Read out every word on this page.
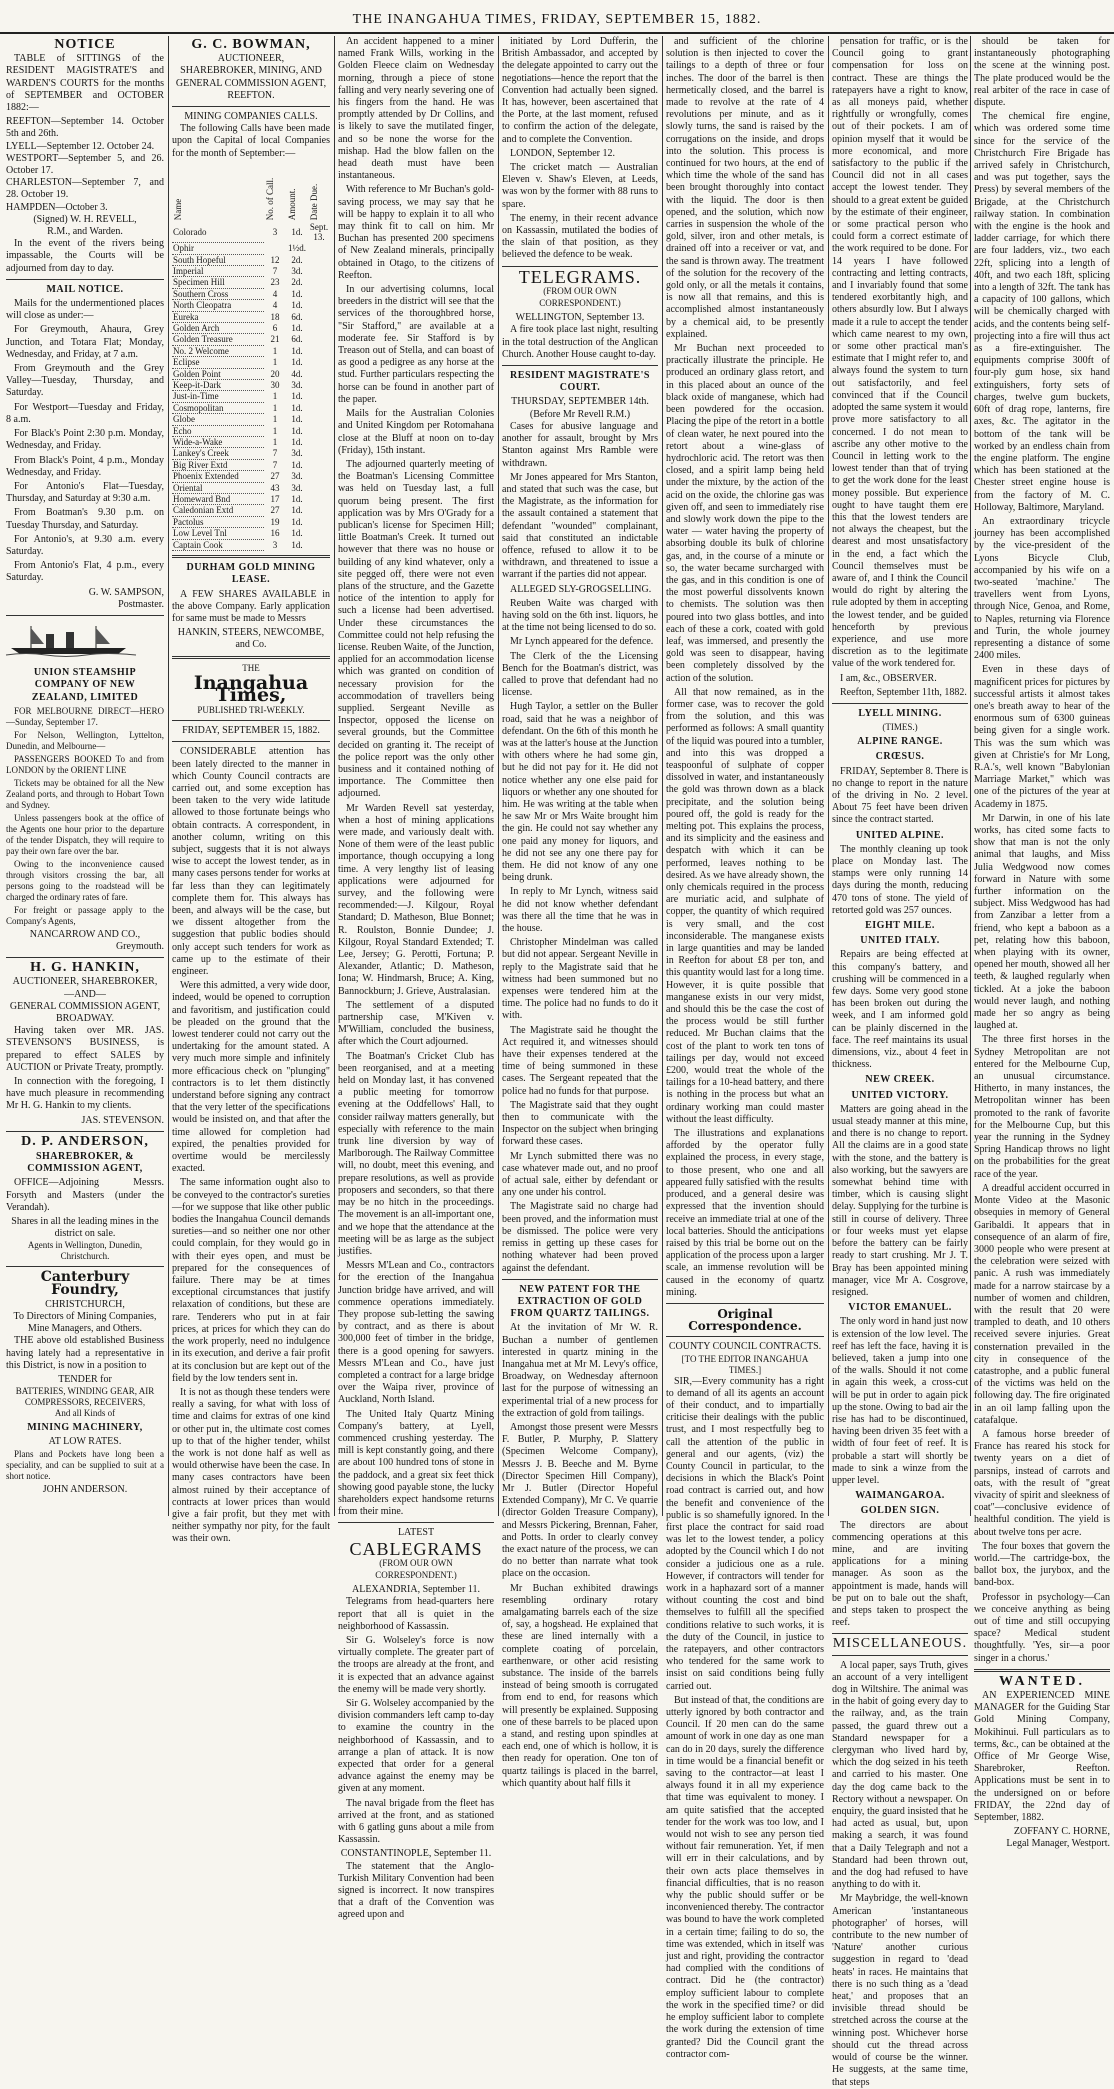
THE INANGAHUA TIMES, FRIDAY, SEPTEMBER 15, 1882.
NOTICE

TABLE of SITTINGS of the RESIDENT MAGISTRATE'S and WARDEN'S COURTS for the months of SEPTEMBER and OCTOBER 1882:—

REEFTON—September 14. October 5th and 26th.
LYELL—September 12. October 24.
WESTPORT—September 5, and 26. October 17.
CHARLESTON—September 7, and 28. October 19.
HAMPDEN—October 3.
(Signed) W. H. REVELL,
R.M., and Warden.

In the event of the rivers being impassable, the Courts will be adjourned from day to day.

MAIL NOTICE.

Mails for the undermentioned places will close as under:—

For Greymouth, Ahaura, Grey Junction, and Totara Flat; Monday, Wednesday, and Friday, at 7 a.m.

From Greymouth and the Grey Valley—Tuesday, Thursday, and Saturday.

For Westport—Tuesday and Friday, 8 a.m.

For Black's Point 2:30 p.m. Monday, Wednesday, and Friday.

From Black's Point, 4 p.m., Monday Wednesday, and Friday.

For Antonio's Flat—Tuesday, Thursday, and Saturday at 9:30 a.m.

From Boatman's 9.30 p.m. on Tuesday Thursday, and Saturday.

For Antonio's, at 9.30 a.m. every Saturday.

From Antonio's Flat, 4 p.m., every Saturday.

G. W. SAMPSON,
Postmaster.
UNION STEAMSHIP COMPANY OF NEW ZEALAND, LIMITED

FOR MELBOURNE DIRECT—HERO—Sunday, September 17.

For Nelson, Wellington, Lyttelton, Dunedin, and Melbourne—

PASSENGERS BOOKED To and from LONDON by the ORIENT LINE

Tickets may be obtained for all the New Zealand ports, and through to Hobart Town and Sydney.

Unless passengers book at the office of the Agents one hour prior to the departure of the tender Dispatch, they will require to pay their own fare over the bar.

Owing to the inconvenience caused through visitors crossing the bar, all persons going to the roadstead will be charged the ordinary rates of fare.

For freight or passage apply to the Company's Agents,

NANCARROW AND CO.,
Greymouth.
H. G. HANKIN,
AUCTIONEER, SHAREBROKER,
—AND—
GENERAL COMMISSION AGENT,
BROADWAY.

Having taken over MR. JAS. STEVENSON'S BUSINESS, is prepared to effect SALES by AUCTION or Private Treaty, promptly.

In connection with the foregoing, I have much pleasure in recommending Mr H. G. Hankin to my clients.

JAS. STEVENSON.
D. P. ANDERSON,
SHAREBROKER, & COMMISSION AGENT,

OFFICE—Adjoining Messrs. Forsyth and Masters (under the Verandah).

Shares in all the leading mines in the district on sale.
Agents in Wellington, Dunedin, Christchurch.
Canterbury Foundry,
CHRISTCHURCH,
To Directors of Mining Companies, Mine Managers, and Others.

THE above old established Business having lately had a representative in this District, is now in a position to

TENDER for
BATTERIES, WINDING GEAR, AIR COMPRESSORS, RECEIVERS,
And all Kinds of
MINING MACHINERY,
AT LOW RATES.

Plans and Pockets have long been a speciality, and can be supplied to suit at a short notice.

JOHN ANDERSON.
G. C. BOWMAN,
AUCTIONEER,
SHAREBROKER, MINING, AND GENERAL COMMISSION AGENT,
REEFTON.
MINING COMPANIES CALLS.

The following Calls have been made upon the Capital of local Companies for the month of September:—

Name	No. of Call.	Amount.	Date Due.
Colorado	3	1d.	Sept. 13.
Ophir		1½d.	
South Hopeful	12	2d.	
Imperial	7	3d.	
Specimen Hill	23	2d.	
Southern Cross	4	1d.	
North Cleopatra	4	1d.	
Eureka	18	6d.	
Golden Arch	6	1d.	
Golden Treasure	21	6d.	
No. 2 Welcome	1	1d.	
Eclipse	1	1d.	
Golden Point	20	4d.	
Keep-it-Dark	30	3d.	
Just-in-Time	1	1d.	
Cosmopolitan	1	1d.	
Globe	1	1d.	
Echo	1	1d.	
Wide-a-Wake	1	1d.	
Lankey's Creek	7	3d.	
Big River Extd	7	1d.	
Phoenix Extended	27	3d.	
Oriental	43	3d.	
Homeward Bnd	17	1d.	
Caledonian Extd	27	1d.	
Pactolus	19	1d.	
Low Level Tnl	16	1d.	
Captain Cook	3	1d.	
DURHAM GOLD MINING LEASE.

A FEW SHARES AVAILABLE in the above Company. Early application for same must be made to Messrs

HANKIN, STEERS, NEWCOMBE, and Co.
THE
Inangahua Times,
PUBLISHED TRI-WEEKLY.
FRIDAY, SEPTEMBER 15, 1882.

CONSIDERABLE attention has been lately directed to the manner in which County Council contracts are carried out, and some exception has been taken to the very wide latitude allowed to those fortunate beings who obtain contracts. A correspondent, in another column, writing on this subject, suggests that it is not always wise to accept the lowest tender, as in many cases persons tender for works at far less than they can legitimately complete them for. This always has been, and always will be the case, but we dissent altogether from the suggestion that public bodies should only accept such tenders for work as came up to the estimate of their engineer.

Were this admitted, a very wide door, indeed, would be opened to corruption and favoritism, and justification could be pleaded on the ground that the lowest tenderer could not carry out the undertaking for the amount stated. A very much more simple and infinitely more efficacious check on "plunging" contractors is to let them distinctly understand before signing any contract that the very letter of the specifications would be insisted on, and that after the time allowed for completion had expired, the penalties provided for overtime would be mercilessly exacted.

The same information ought also to be conveyed to the contractor's sureties—for we suppose that like other public bodies the Inangahua Council demands sureties—and so neither one nor other could complain, for they would go in with their eyes open, and must be prepared for the consequences of failure. There may be at times exceptional circumstances that justify relaxation of conditions, but these are rare. Tenderers who put in at fair prices, at prices for which they can do the work properly, need no indulgence in its execution, and derive a fair profit at its conclusion but are kept out of the field by the low tenders sent in.

It is not as though these tenders were really a saving, for what with loss of time and claims for extras of one kind or other put in, the ultimate cost comes up to that of the higher tender, whilst the work is not done half as well as would otherwise have been the case. In many cases contractors have been almost ruined by their acceptance of contracts at lower prices than would give a fair profit, but they met with neither sympathy nor pity, for the fault was their own.

An accident happened to a miner named Frank Wills, working in the Golden Fleece claim on Wednesday morning, through a piece of stone falling and very nearly severing one of his fingers from the hand. He was promptly attended by Dr Collins, and is likely to save the mutilated finger, and so be none the worse for the mishap. Had the blow fallen on the head death must have been instantaneous.

With reference to Mr Buchan's gold-saving process, we may say that he will be happy to explain it to all who may think fit to call on him. Mr Buchan has presented 200 specimens of New Zealand minerals, principally obtained in Otago, to the citizens of Reefton.

In our advertising columns, local breeders in the district will see that the services of the thoroughbred horse, "Sir Stafford," are available at a moderate fee. Sir Stafford is by Treason out of Stella, and can boast of as good a pedigree as any horse at the stud. Further particulars respecting the horse can be found in another part of the paper.

Mails for the Australian Colonies and United Kingdom per Rotomahana close at the Bluff at noon on to-day (Friday), 15th instant.

The adjourned quarterly meeting of the Boatman's Licensing Committee was held on Tuesday last, a full quorum being present. The first application was by Mrs O'Grady for a publican's license for Specimen Hill; little Boatman's Creek. It turned out however that there was no house or building of any kind whatever, only a site pegged off, there were not even plans of the structure, and the Gazette notice of the intention to apply for such a license had been advertised. Under these circumstances the Committee could not help refusing the license. Reuben Waite, of the Junction, applied for an accommodation license which was granted on condition of necessary provision for the accommodation of travellers being supplied. Sergeant Neville as Inspector, opposed the license on several grounds, but the Committee decided on granting it. The receipt of the police report was the only other business and it contained nothing of importance. The Committee then adjourned.

Mr Warden Revell sat yesterday, when a host of mining applications were made, and variously dealt with. None of them were of the least public importance, though occupying a long time. A very lengthy list of leasing applications were adjourned for survey, and the following were recommended:—J. Kilgour, Royal Standard; D. Matheson, Blue Bonnet; R. Roulston, Bonnie Dundee; J. Kilgour, Royal Standard Extended; T. Lee, Jersey; G. Perotti, Fortuna; P. Alexander, Atlantic; D. Matheson, Iona; W. Hindmarsh, Bruce; A. King, Bannockburn; J. Grieve, Australasian.

The settlement of a disputed partnership case, M'Kiven v. M'William, concluded the business, after which the Court adjourned.

The Boatman's Cricket Club has been reorganised, and at a meeting held on Monday last, it has convened a public meeting for tomorrow evening at the Oddfellows' Hall, to consider railway matters generally, but especially with reference to the main trunk line diversion by way of Marlborough. The Railway Committee will, no doubt, meet this evening, and prepare resolutions, as well as provide proposers and seconders, so that there may be no hitch in the proceedings. The movement is an all-important one, and we hope that the attendance at the meeting will be as large as the subject justifies.

Messrs M'Lean and Co., contractors for the erection of the Inangahua Junction bridge have arrived, and will commence operations immediately. They propose sub-letting the sawing by contract, and as there is about 300,000 feet of timber in the bridge, there is a good opening for sawyers. Messrs M'Lean and Co., have just completed a contract for a large bridge over the Waipa river, province of Auckland, North Island.

The United Italy Quartz Mining Company's battery, at Lyell, commenced crushing yesterday. The mill is kept constantly going, and there are about 100 hundred tons of stone in the paddock, and a great six feet thick showing good payable stone, the lucky shareholders expect handsome returns from their mine.

LATEST
CABLEGRAMS
(FROM OUR OWN CORRESPONDENT.)
ALEXANDRIA, September 11.

Telegrams from head-quarters here report that all is quiet in the neighborhood of Kassassin.

Sir G. Wolseley's force is now virtually complete. The greater part of the troops are already at the front, and it is expected that an advance against the enemy will be made very shortly.

Sir G. Wolseley accompanied by the division commanders left camp to-day to examine the country in the neighborhood of Kassassin, and to arrange a plan of attack. It is now expected that order for a general advance against the enemy may be given at any moment.

The naval brigade from the fleet has arrived at the front, and as stationed with 6 gatling guns about a mile from Kassassin.

CONSTANTINOPLE, September 11.

The statement that the Anglo-Turkish Military Convention had been signed is incorrect. It now transpires that a draft of the Convention was agreed upon and

initiated by Lord Dufferin, the British Ambassador, and accepted by the delegate appointed to carry out the negotiations—hence the report that the Convention had actually been signed. It has, however, been ascertained that the Porte, at the last moment, refused to confirm the action of the delegate, and to complete the Convention.

LONDON, September 12.

The cricket match — Australian Eleven v. Shaw's Eleven, at Leeds, was won by the former with 88 runs to spare.

The enemy, in their recent advance on Kassassin, mutilated the bodies of the slain of that position, as they believed the defence to be weak.

TELEGRAMS.
(FROM OUR OWN CORRESPONDENT.)
WELLINGTON, September 13.

A fire took place last night, resulting in the total destruction of the Anglican Church. Another House caught to-day.

RESIDENT MAGISTRATE'S COURT.
THURSDAY, SEPTEMBER 14th.
(Before Mr Revell R.M.)

Cases for abusive language and another for assault, brought by Mrs Stanton against Mrs Ramble were withdrawn.

Mr Jones appeared for Mrs Stanton, and stated that such was the case, but the Magistrate, as the information for the assault contained a statement that defendant "wounded" complainant, said that constituted an indictable offence, refused to allow it to be withdrawn, and threatened to issue a warrant if the parties did not appear.

ALLEGED SLY-GROGSELLING.

Reuben Waite was charged with having sold on the 6th inst. liquors, he at the time not being licensed to do so.

Mr Lynch appeared for the defence.

The Clerk of the the Licensing Bench for the Boatman's district, was called to prove that defendant had no license.

Hugh Taylor, a settler on the Buller road, said that he was a neighbor of defendant. On the 6th of this month he was at the latter's house at the Junction with others where he had some gin, but he did not pay for it. He did not notice whether any one else paid for liquors or whether any one shouted for him. He was writing at the table when he saw Mr or Mrs Waite brought him the gin. He could not say whether any one paid any money for liquors, and he did not see any one there pay for them. He did not know of any one being drunk.

In reply to Mr Lynch, witness said he did not know whether defendant was there all the time that he was in the house.

Christopher Mindelman was called but did not appear. Sergeant Neville in reply to the Magistrate said that he witness had been summoned but no expenses were tendered him at the time. The police had no funds to do it with.

The Magistrate said he thought the Act required it, and witnesses should have their expenses tendered at the time of being summoned in these cases. The Sergeant repeated that the police had no funds for that purpose.

The Magistrate said that they ought then to communicate with the Inspector on the subject when bringing forward these cases.

Mr Lynch submitted there was no case whatever made out, and no proof of actual sale, either by defendant or any one under his control.

The Magistrate said no charge had been proved, and the information must be dismissed. The police were very remiss in getting up these cases for nothing whatever had been proved against the defendant.

NEW PATENT FOR THE EXTRACTION OF GOLD FROM QUARTZ TAILINGS.

At the invitation of Mr W. R. Buchan a number of gentlemen interested in quartz mining in the Inangahua met at Mr M. Levy's office, Broadway, on Wednesday afternoon last for the purpose of witnessing an experimental trial of a new process for the extraction of gold from tailings.

Amongst those present were Messrs F. Butler, P. Murphy, P. Slattery (Specimen Welcome Company), Messrs J. B. Beeche and M. Byrne (Director Specimen Hill Company), Mr J. Butler (Director Hopeful Extended Company), Mr C. Ve quarrie (director Golden Treasure Company), and Messrs Pickering, Brennan, Faher, and Potts. In order to clearly convey the exact nature of the process, we can do no better than narrate what took place on the occasion.

Mr Buchan exhibited drawings resembling ordinary rotary amalgamating barrels each of the size of, say, a hogshead. He explained that these are lined internally with a complete coating of porcelain, earthenware, or other acid resisting substance. The inside of the barrels instead of being smooth is corrugated from end to end, for reasons which will presently be explained. Supposing one of these barrels to be placed upon a stand, and resting upon spindles at each end, one of which is hollow, it is then ready for operation. One ton of quartz tailings is placed in the barrel, which quantity about half fills it

and sufficient of the chlorine solution is then injected to cover the tailings to a depth of three or four inches. The door of the barrel is then hermetically closed, and the barrel is made to revolve at the rate of 4 revolutions per minute, and as it slowly turns, the sand is raised by the corrugations on the inside, and drops into the solution. This process is continued for two hours, at the end of which time the whole of the sand has been brought thoroughly into contact with the liquid. The door is then opened, and the solution, which now carries in suspension the whole of the gold, silver, iron and other metals, is drained off into a receiver or vat, and the sand is thrown away. The treatment of the solution for the recovery of the gold only, or all the metals it contains, is now all that remains, and this is accomplished almost instantaneously by a chemical aid, to be presently explained.

Mr Buchan next proceeded to practically illustrate the principle. He produced an ordinary glass retort, and in this placed about an ounce of the black oxide of manganese, which had been powdered for the occasion. Placing the pipe of the retort in a bottle of clean water, he next poured into the retort about a wine-glass of hydrochloric acid. The retort was then closed, and a spirit lamp being held under the mixture, by the action of the acid on the oxide, the chlorine gas was given off, and seen to immediately rise and slowly work down the pipe to the water — water having the property of absorbing double its bulk of chlorine gas, and, in the course of a minute or so, the water became surcharged with the gas, and in this condition is one of the most powerful dissolvents known to chemists. The solution was then poured into two glass bottles, and into each of these a cork, coated with gold leaf, was immersed, and presently the gold was seen to disappear, having been completely dissolved by the action of the solution.

All that now remained, as in the former case, was to recover the gold from the solution, and this was performed as follows: A small quantity of the liquid was poured into a tumbler, and into this was dropped a teaspoonful of sulphate of copper dissolved in water, and instantaneously the gold was thrown down as a black precipitate, and the solution being poured off, the gold is ready for the melting pot. This explains the process, and its simplicity and the easiness and despatch with which it can be performed, leaves nothing to be desired. As we have already shown, the only chemicals required in the process are muriatic acid, and sulphate of copper, the quantity of which required is very small, and the cost inconsiderable. The manganese exists in large quantities and may be landed in Reefton for about £8 per ton, and this quantity would last for a long time. However, it is quite possible that manganese exists in our very midst, and should this be the case the cost of the process would be still further reduced. Mr Buchan claims that the cost of the plant to work ten tons of tailings per day, would not exceed £200, would treat the whole of the tailings for a 10-head battery, and there is nothing in the process but what an ordinary working man could master without the least difficulty.

The illustrations and explanations afforded by the operator fully explained the process, in every stage, to those present, who one and all appeared fully satisfied with the results produced, and a general desire was expressed that the invention should receive an immediate trial at one of the local batteries. Should the anticipations raised by this trial be borne out on the application of the process upon a larger scale, an immense revolution will be caused in the economy of quartz mining.

Original Correspondence.
COUNTY COUNCIL CONTRACTS.
[TO THE EDITOR INANGAHUA TIMES.]

SIR,—Every community has a right to demand of all its agents an account of their conduct, and to impartially criticise their dealings with the public trust, and I most respectfully beg to call the attention of the public in general and our agents, (viz) the County Council in particular, to the decisions in which the Black's Point road contract is carried out, and how the benefit and convenience of the public is so shamefully ignored. In the first place the contract for said road was let to the lowest tender, a policy adopted by the Council which I do not consider a judicious one as a rule. However, if contractors will tender for work in a haphazard sort of a manner without counting the cost and bind themselves to fulfill all the specified conditions relative to such works, it is the duty of the Council, in justice to the ratepayers, and other contractors who tendered for the same work to insist on said conditions being fully carried out.

But instead of that, the conditions are utterly ignored by both contractor and Council. If 20 men can do the same amount of work in one day as one man can do in 20 days, surely the difference in time would be a financial benefit or saving to the contractor—at least I always found it in all my experience that time was equivalent to money. I am quite satisfied that the accepted tender for the work was too low, and I would not wish to see any person tied without fair remuneration. Yet, if men will err in their calculations, and by their own acts place themselves in financial difficulties, that is no reason why the public should suffer or be inconvenienced thereby. The contractor was bound to have the work completed in a certain time; failing to do so, the time was extended, which in itself was just and right, providing the contractor had complied with the conditions of contract. Did he (the contractor) employ sufficient labour to complete the work in the specified time? or did he employ sufficient labor to complete the work during the extension of time granted? Did the Council grant the contractor com-

pensation for traffic, or is the Council going to grant compensation for loss on contract. These are things the ratepayers have a right to know, as all moneys paid, whether rightfully or wrongfully, comes out of their pockets. I am of opinion myself that it would be more economical, and more satisfactory to the public if the Council did not in all cases accept the lowest tender. They should to a great extent be guided by the estimate of their engineer, or some practical person who could form a correct estimate of the work required to be done. For 14 years I have followed contracting and letting contracts, and I invariably found that some tendered exorbitantly high, and others absurdly low. But I always made it a rule to accept the tender which came nearest to my own, or some other practical man's estimate that I might refer to, and always found the system to turn out satisfactorily, and feel convinced that if the Council adopted the same system it would prove more satisfactory to all concerned. I do not mean to ascribe any other motive to the Council in letting work to the lowest tender than that of trying to get the work done for the least money possible. But experience ought to have taught them ere this that the lowest tenders are not always the cheapest, but the dearest and most unsatisfactory in the end, a fact which the Council themselves must be aware of, and I think the Council would do right by altering the rule adopted by them in accepting the lowest tender, and be guided henceforth by previous experience, and use more discretion as to the legitimate value of the work tendered for.

I am, &c., OBSERVER.

Reefton, September 11th, 1882.

LYELL MINING.
(TIMES.)
ALPINE RANGE.
CRŒSUS.

FRIDAY, September 8. There is no change to report in the nature of the driving in No. 2 level. About 75 feet have been driven since the contract started.

UNITED ALPINE.

The monthly cleaning up took place on Monday last. The stamps were only running 14 days during the month, reducing 470 tons of stone. The yield of retorted gold was 257 ounces.

EIGHT MILE.
UNITED ITALY.

Repairs are being effected at this company's battery, and crushing will be commenced in a few days. Some very good stone has been broken out during the week, and I am informed gold can be plainly discerned in the face. The reef maintains its usual dimensions, viz., about 4 feet in thickness.

NEW CREEK.
UNITED VICTORY.

Matters are going ahead in the usual steady manner at this mine, and there is no change to report. All the claims are in a good state with the stone, and the battery is also working, but the sawyers are somewhat behind time with timber, which is causing slight delay. Supplying for the turbine is still in course of delivery. Three or four weeks must yet elapse before the battery can be fairly ready to start crushing. Mr J. T. Bray has been appointed mining manager, vice Mr A. Cosgrove, resigned.

VICTOR EMANUEL.

The only word in hand just now is extension of the low level. The reef has left the face, having it is believed, taken a jump into one of the walls. Should it not come in again this week, a cross-cut will be put in order to again pick up the stone. Owing to bad air the rise has had to be discontinued, having been driven 35 feet with a width of four feet of reef. It is probable a start will shortly be made to sink a winze from the upper level.

WAIMANGAROA.
GOLDEN SIGN.

The directors are about commencing operations at this mine, and are inviting applications for a mining manager. As soon as the appointment is made, hands will be put on to bale out the shaft, and steps taken to prospect the reef.

MISCELLANEOUS.

A local paper, says Truth, gives an account of a very intelligent dog in Wiltshire. The animal was in the habit of going every day to the railway, and, as the train passed, the guard threw out a Standard newspaper for a clergyman who lived hard by, which the dog seized in his teeth and carried to his master. One day the dog came back to the Rectory without a newspaper. On enquiry, the guard insisted that he had acted as usual, but, upon making a search, it was found that a Daily Telegraph and not a Standard had been thrown out, and the dog had refused to have anything to do with it.

Mr Maybridge, the well-known American 'instantaneous photographer' of horses, will contribute to the new number of 'Nature' another curious suggestion in regard to 'dead heats' in races. He maintains that there is no such thing as a 'dead heat,' and proposes that an invisible thread should be stretched across the course at the winning post. Whichever horse should cut the thread across would of course be the winner. He suggests, at the same time, that steps

should be taken for instantaneously photographing the scene at the winning post. The plate produced would be the real arbiter of the race in case of dispute.

The chemical fire engine, which was ordered some time since for the service of the Christchurch Fire Brigade has arrived safely in Christchurch, and was put together, says the Press) by several members of the Brigade, at the Christchurch railway station. In combination with the engine is the hook and ladder carriage, for which there are four ladders, viz., two each 22ft, splicing into a length of 40ft, and two each 18ft, splicing into a length of 32ft. The tank has a capacity of 100 gallons, which will be chemically charged with acids, and the contents being self-projecting into a fire will thus act as a fire-extinguisher. The equipments comprise 300ft of four-ply gum hose, six hand extinguishers, forty sets of charges, twelve gum buckets, 60ft of drag rope, lanterns, fire axes, &c. The agitator in the bottom of the tank will be worked by an endless chain from the engine platform. The engine which has been stationed at the Chester street engine house is from the factory of M. C. Holloway, Baltimore, Maryland.

An extraordinary tricycle journey has been accomplished by the vice-president of the Lyons Bicycle Club, accompanied by his wife on a two-seated 'machine.' The travellers went from Lyons, through Nice, Genoa, and Rome, to Naples, returning via Florence and Turin, the whole journey representing a distance of some 2400 miles.

Even in these days of magnificent prices for pictures by successful artists it almost takes one's breath away to hear of the enormous sum of 6300 guineas being given for a single work. This was the sum which was given at Christie's for Mr Long, R.A.'s, well known "Babylonian Marriage Market," which was one of the pictures of the year at Academy in 1875.

Mr Darwin, in one of his late works, has cited some facts to show that man is not the only animal that laughs, and Miss Julia Wedgwood now comes forward in Nature with some further information on the subject. Miss Wedgwood has had from Zanzibar a letter from a friend, who kept a baboon as a pet, relating how this baboon, when playing with its owner, opened her mouth, showed all her teeth, & laughed regularly when tickled. At a joke the baboon would never laugh, and nothing made her so angry as being laughed at.

The three first horses in the Sydney Metropolitan are not entered for the Melbourne Cup, an unusual circumstance. Hitherto, in many instances, the Metropolitan winner has been promoted to the rank of favorite for the Melbourne Cup, but this year the running in the Sydney Spring Handicap throws no light on the probabilities for the great race of the year.

A dreadful accident occurred in Monte Video at the Masonic obsequies in memory of General Garibaldi. It appears that in consequence of an alarm of fire, 3000 people who were present at the celebration were seized with panic. A rush was immediately made for a narrow staircase by a number of women and children, with the result that 20 were trampled to death, and 10 others received severe injuries. Great consternation prevailed in the city in consequence of the catastrophe, and a public funeral of the victims was held on the following day. The fire originated in an oil lamp falling upon the catafalque.

A famous horse breeder of France has reared his stock for twenty years on a diet of parsnips, instead of carrots and oats, with the result of "great vivacity of spirit and sleekness of coat"—conclusive evidence of healthful condition. The yield is about twelve tons per acre.

The four boxes that govern the world.—The cartridge-box, the ballot box, the jurybox, and the band-box.

Professor in psychology—Can we conceive anything as being out of time and still occupying space? Medical student thoughtfully. 'Yes, sir—a poor singer in a chorus.'

WANTED.

AN EXPERIENCED MINE MANAGER for the Guiding Star Gold Mining Company, Mokihinui. Full particulars as to terms, &c., can be obtained at the Office of Mr George Wise, Sharebroker, Reefton. Applications must be sent in to the undersigned on or before FRIDAY, the 22nd day of September, 1882.

ZOFFANY C. HORNE,
Legal Manager, Westport.
